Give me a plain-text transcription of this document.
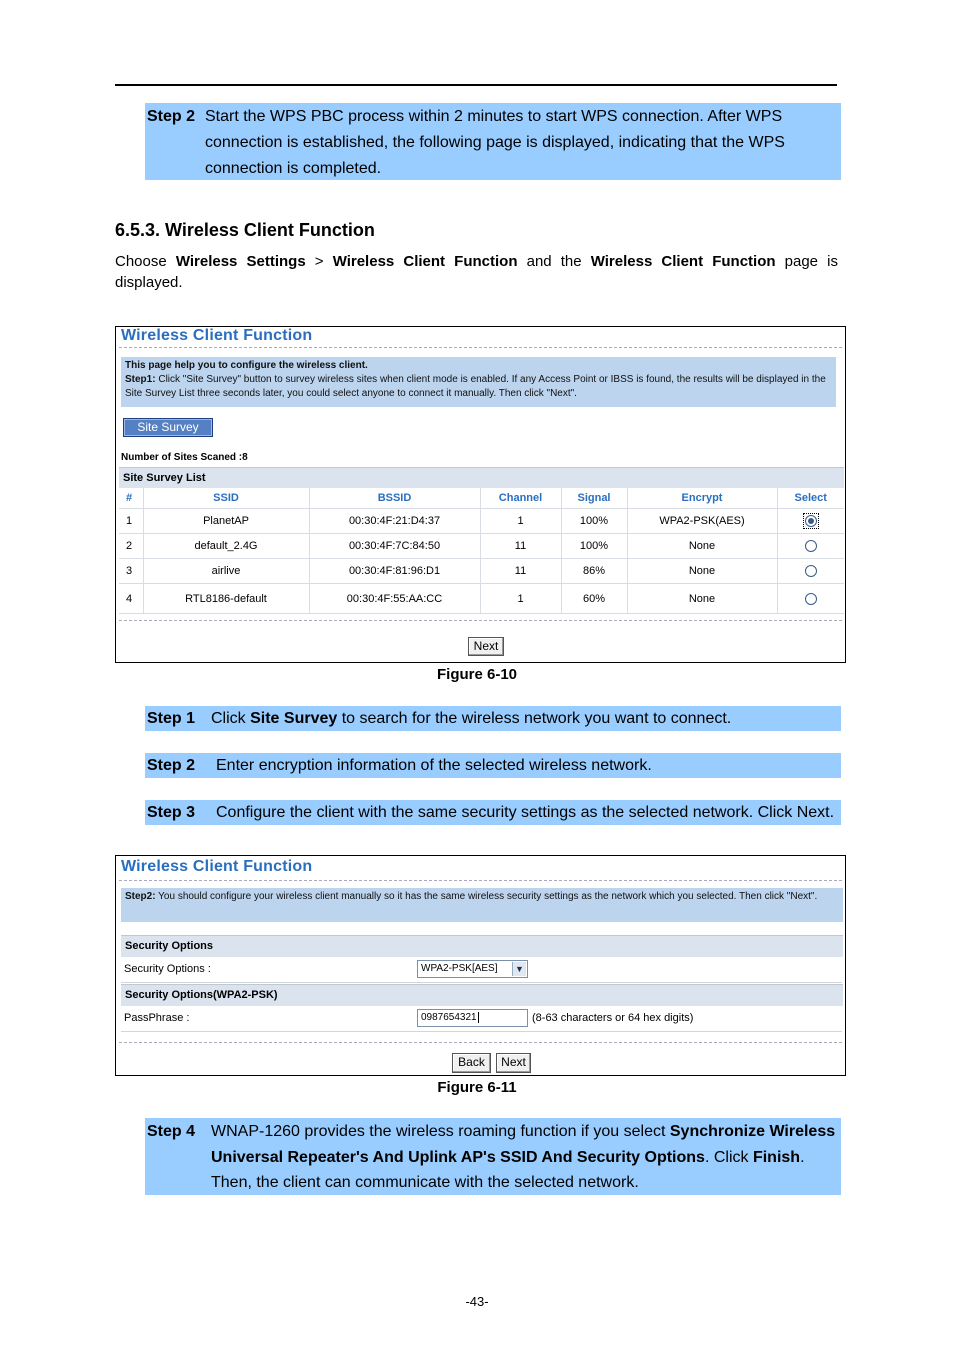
Step 2 Start the WPS PBC process within 2 minutes to start WPS connection. After WPS
connection is established, the following page is displayed, indicating that the WPS
connection is completed.
6.5.3. Wireless Client Function
Choose Wireless Settings > Wireless Client Function and the Wireless Client Function page is displayed.
Wireless Client Function
This page help you to configure the wireless client.
Step1: Click "Site Survey" button to survey wireless sites when client mode is enabled. If any Access Point or IBSS is found, the results will be displayed in the Site Survey List three seconds later, you could select anyone to connect it manually. Then click "Next".
Site Survey
Number of Sites Scaned :8
Site Survey List
#	SSID	BSSID	Channel	Signal	Encrypt	Select
1	PlanetAP	00:30:4F:21:D4:37	1	100%	WPA2-PSK(AES)	
2	default_2.4G	00:30:4F:7C:84:50	11	100%	None	
3	airlive	00:30:4F:81:96:D1	11	86%	None	
4	RTL8186-default	00:30:4F:55:AA:CC	1	60%	None	
Next
Figure 6-10
Step 1 Click Site Survey to search for the wireless network you want to connect.
Step 2 Enter encryption information of the selected wireless network.
Step 3 Configure the client with the same security settings as the selected network. Click Next.
Wireless Client Function
Step2: You should configure your wireless client manually so it has the same wireless security settings as the network which you selected. Then click "Next".
Security Options
Security Options :	WPA2-PSK[AES]	▼
Security Options(WPA2-PSK)
PassPhrase :	0987654321	(8-63 characters or 64 hex digits)
Back	Next
Figure 6-11
Step 4 WNAP-1260 provides the wireless roaming function if you select Synchronize Wireless
Universal Repeater's And Uplink AP's SSID And Security Options. Click Finish.
Then, the client can communicate with the selected network.
-43-
